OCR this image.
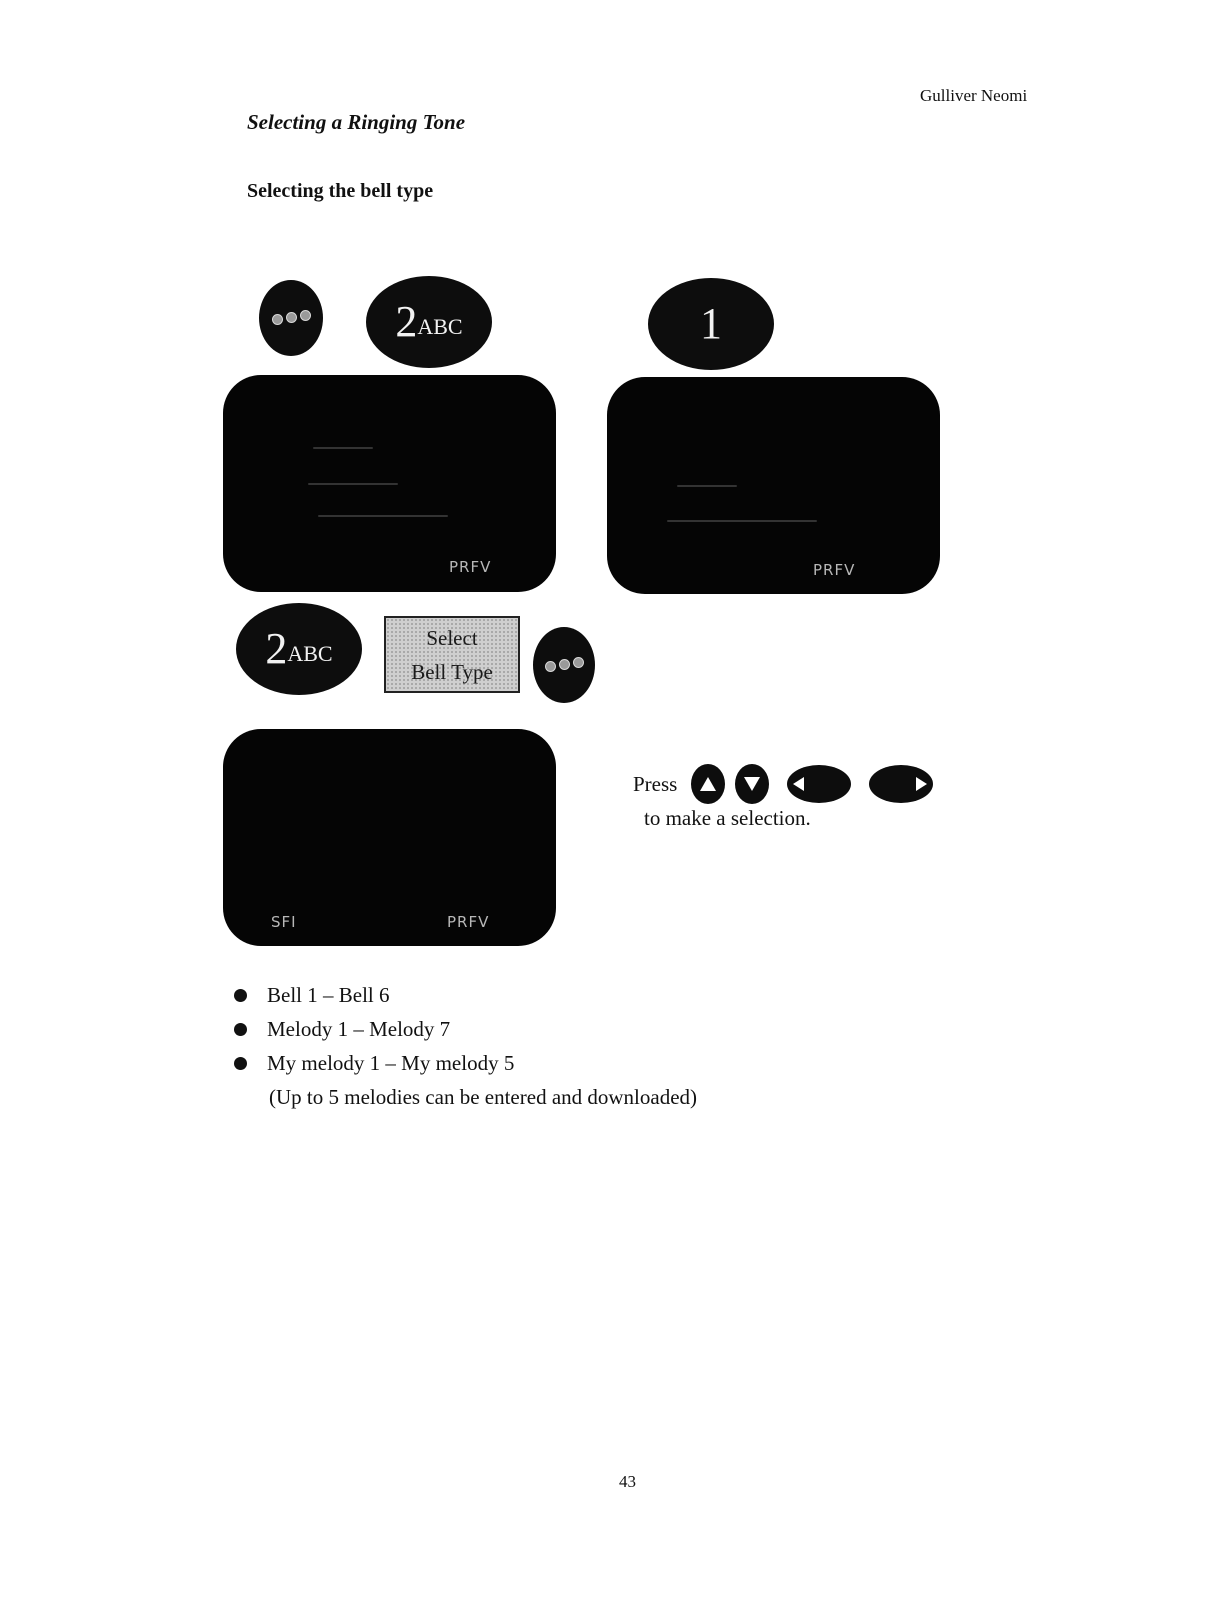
Gulliver Neomi
Selecting a Ringing Tone
Selecting the bell type
2 ABC	1
PRFV	PRFV
2 ABC
Select
Bell Type
SFI	PRFV
Press
to make a selection.
Bell 1 – Bell 6
Melody 1 – Melody 7
My melody 1 – My melody 5
(Up to 5 melodies can be entered and downloaded)
43
